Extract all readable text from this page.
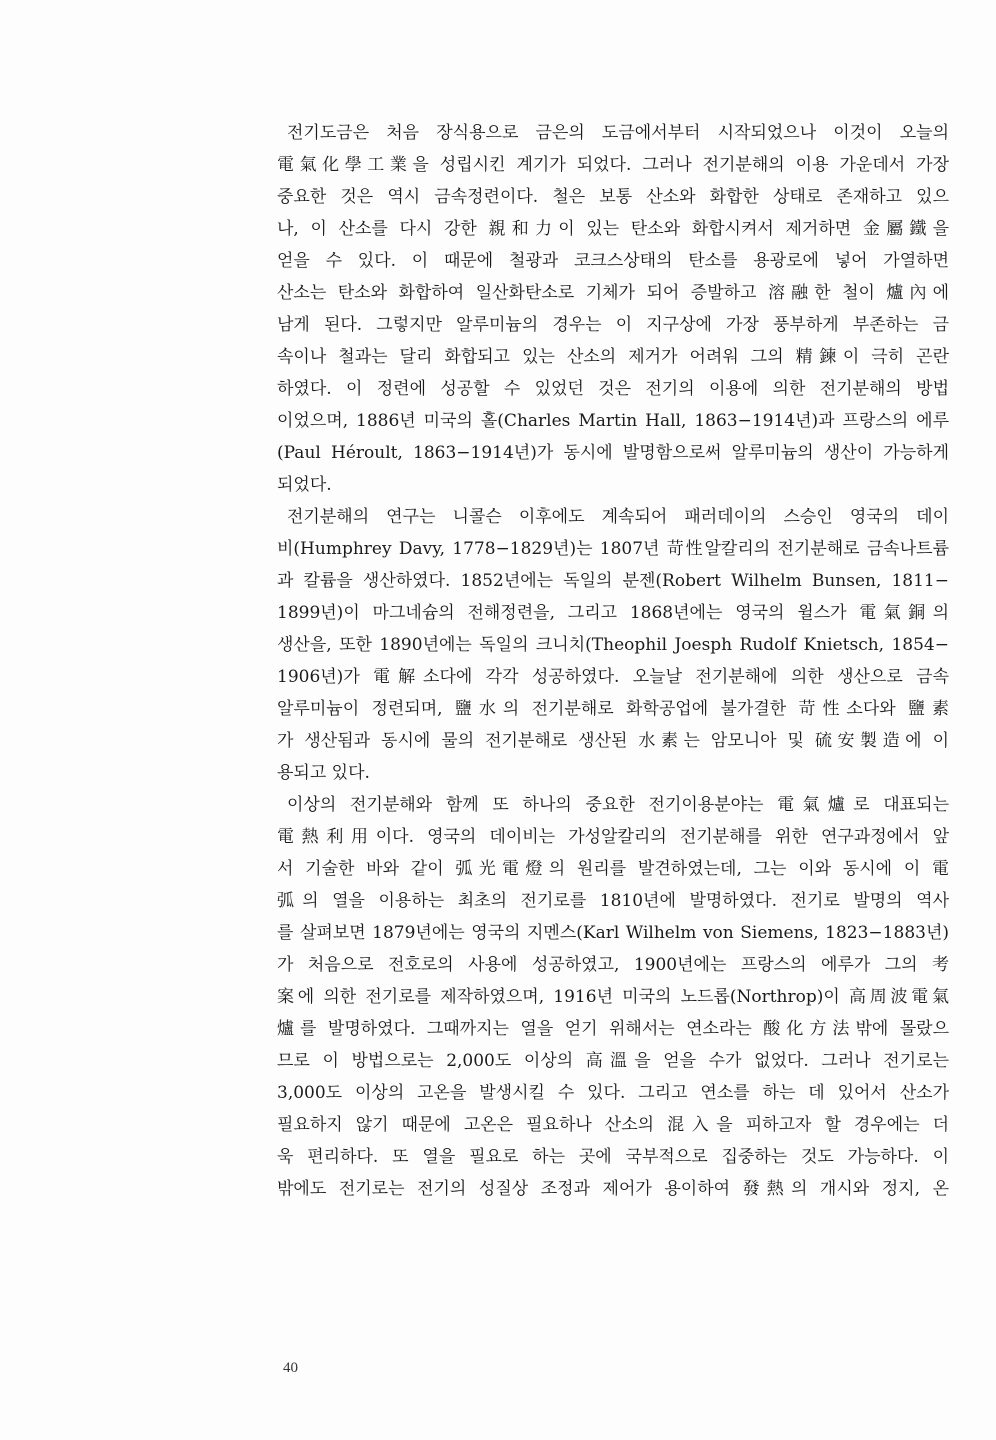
전기도금은 처음 장식용으로 금은의 도금에서부터 시작되었으나 이것이 오늘의
電氣化學工業을 성립시킨 계기가 되었다. 그러나 전기분해의 이용 가운데서 가장
중요한 것은 역시 금속정련이다. 철은 보통 산소와 화합한 상태로 존재하고 있으
나, 이 산소를 다시 강한 親和力이 있는 탄소와 화합시켜서 제거하면 金屬鐵을
얻을 수 있다. 이 때문에 철광과 코크스상태의 탄소를 용광로에 넣어 가열하면
산소는 탄소와 화합하여 일산화탄소로 기체가 되어 증발하고 溶融한 철이 爐內에
남게 된다. 그렇지만 알루미늄의 경우는 이 지구상에 가장 풍부하게 부존하는 금
속이나 철과는 달리 화합되고 있는 산소의 제거가 어려워 그의 精鍊이 극히 곤란
하였다. 이 정련에 성공할 수 있었던 것은 전기의 이용에 의한 전기분해의 방법
이었으며, 1886년 미국의 홀(Charles Martin Hall, 1863−1914년)과 프랑스의 에루
(Paul Héroult, 1863−1914년)가 동시에 발명함으로써 알루미늄의 생산이 가능하게
되었다.
전기분해의 연구는 니콜슨 이후에도 계속되어 패러데이의 스승인 영국의 데이
비(Humphrey Davy, 1778−1829년)는 1807년 苛性알칼리의 전기분해로 금속나트륨
과 칼륨을 생산하였다. 1852년에는 독일의 분젠(Robert Wilhelm Bunsen, 1811−
1899년)이 마그네슘의 전해정련을, 그리고 1868년에는 영국의 윌스가 電氣銅의
생산을, 또한 1890년에는 독일의 크니치(Theophil Joesph Rudolf Knietsch, 1854−
1906년)가 電解소다에 각각 성공하였다. 오늘날 전기분해에 의한 생산으로 금속
알루미늄이 정련되며, 鹽水의 전기분해로 화학공업에 불가결한 苛性소다와 鹽素
가 생산됨과 동시에 물의 전기분해로 생산된 水素는 암모니아 및 硫安製造에 이
용되고 있다.
이상의 전기분해와 함께 또 하나의 중요한 전기이용분야는 電氣爐로 대표되는
電熱利用이다. 영국의 데이비는 가성알칼리의 전기분해를 위한 연구과정에서 앞
서 기술한 바와 같이 弧光電燈의 원리를 발견하였는데, 그는 이와 동시에 이 電
弧의 열을 이용하는 최초의 전기로를 1810년에 발명하였다. 전기로 발명의 역사
를 살펴보면 1879년에는 영국의 지멘스(Karl Wilhelm von Siemens, 1823−1883년)
가 처음으로 전호로의 사용에 성공하였고, 1900년에는 프랑스의 에루가 그의 考
案에 의한 전기로를 제작하였으며, 1916년 미국의 노드롭(Northrop)이 高周波電氣
爐를 발명하였다. 그때까지는 열을 얻기 위해서는 연소라는 酸化方法밖에 몰랐으
므로 이 방법으로는 2,000도 이상의 高溫을 얻을 수가 없었다. 그러나 전기로는
3,000도 이상의 고온을 발생시킬 수 있다. 그리고 연소를 하는 데 있어서 산소가
필요하지 않기 때문에 고온은 필요하나 산소의 混入을 피하고자 할 경우에는 더
욱 편리하다. 또 열을 필요로 하는 곳에 국부적으로 집중하는 것도 가능하다. 이
밖에도 전기로는 전기의 성질상 조정과 제어가 용이하여 發熱의 개시와 정지, 온
40
